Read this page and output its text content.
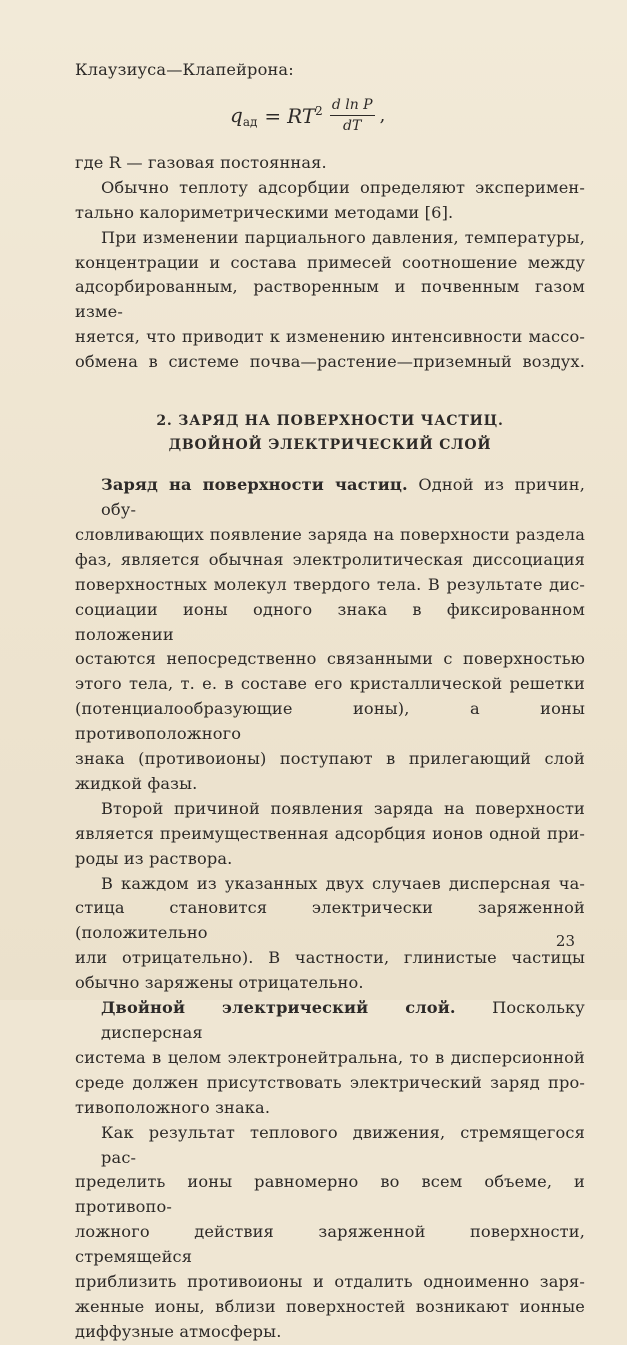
Клаузиуса—Клапейрона:
$q_{ад} = RT^2 \frac{\text{d ln P}}{dT}$ ,
где R — газовая постоянная.
Обычно теплоту адсорбции определяют эксперимен-
тально калориметрическими методами [6].
При изменении парциального давления, температуры,
концентрации и состава примесей соотношение между
адсорбированным, растворенным и почвенным газом изме-
няется, что приводит к изменению интенсивности массо-
обмена в системе почва—растение—приземный воздух.
2. ЗАРЯД НА ПОВЕРХНОСТИ ЧАСТИЦ.
ДВОЙНОЙ ЭЛЕКТРИЧЕСКИЙ СЛОЙ
Заряд на поверхности частиц. Одной из причин, обу-
словливающих появление заряда на поверхности раздела
фаз, является обычная электролитическая диссоциация
поверхностных молекул твердого тела. В результате дис-
социации ионы одного знака в фиксированном положении
остаются непосредственно связанными с поверхностью
этого тела, т. е. в составе его кристаллической решетки
(потенциалообразующие ионы), а ионы противоположного
знака (противоионы) поступают в прилегающий слой
жидкой фазы.
Второй причиной появления заряда на поверхности
является преимущественная адсорбция ионов одной при-
роды из раствора.
В каждом из указанных двух случаев дисперсная ча-
стица становится электрически заряженной (положительно
или отрицательно). В частности, глинистые частицы
обычно заряжены отрицательно.
Двойной электрический слой. Поскольку дисперсная
система в целом электронейтральна, то в дисперсионной
среде должен присутствовать электрический заряд про-
тивоположного знака.
Как результат теплового движения, стремящегося рас-
пределить ионы равномерно во всем объеме, и противопо-
ложного действия заряженной поверхности, стремящейся
приблизить противоионы и отдалить одноименно заря-
женные ионы, вблизи поверхностей возникают ионные
диффузные атмосферы.
23
